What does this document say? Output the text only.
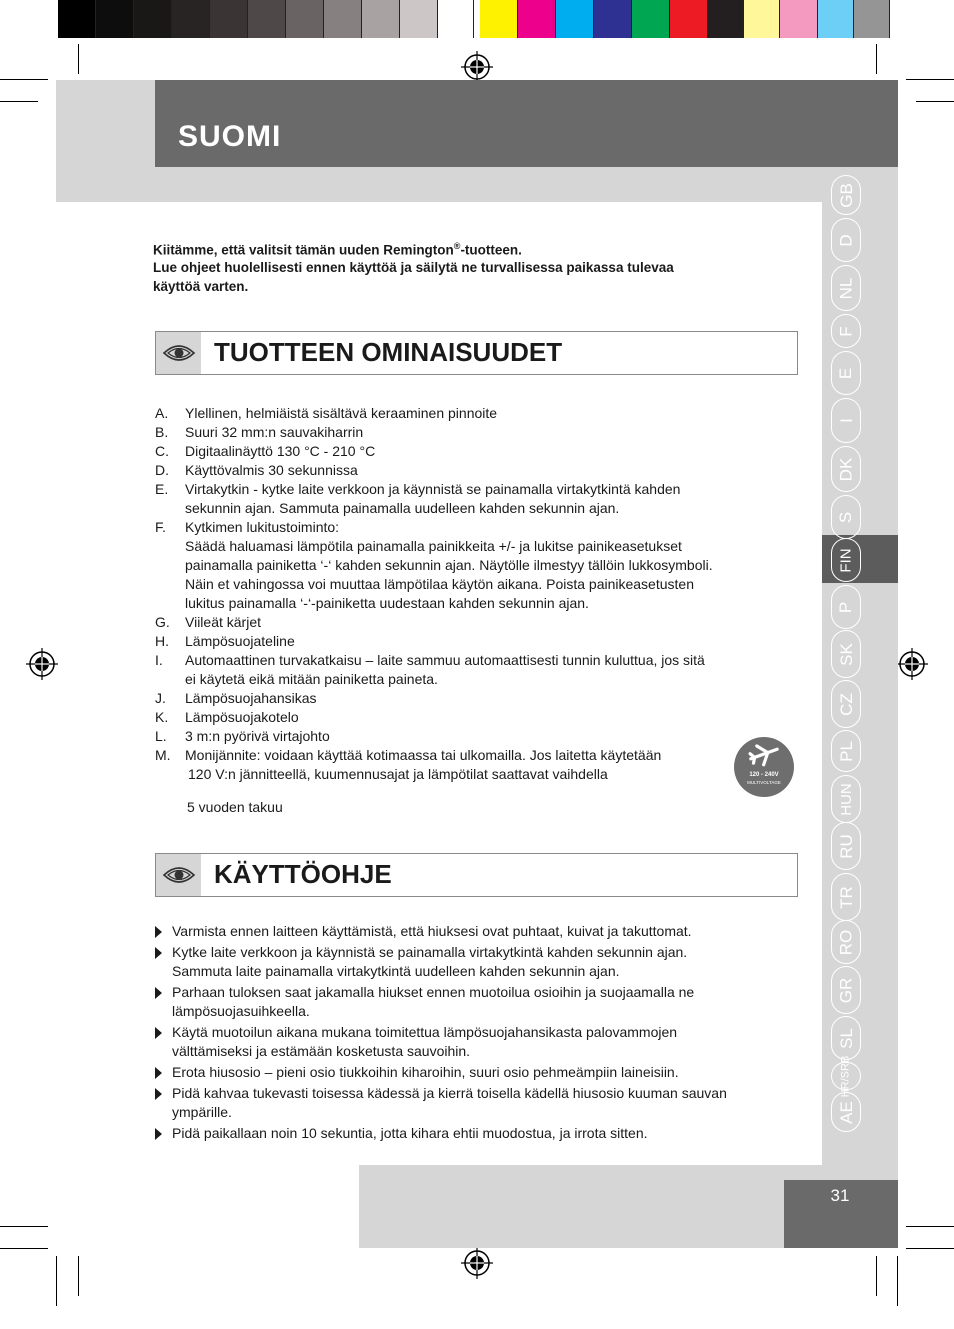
SUOMI
GB
D
NL
F
E
I
DK
S
FIN
P
SK
CZ
PL
HUN
RU
TR
RO
GR
SL
HR/SRB
AE
Kiitämme, että valitsit tämän uuden Remington®-tuotteen.
Lue ohjeet huolellisesti ennen käyttöä ja säilytä ne turvallisessa paikassa tulevaa
käyttöä varten.
TUOTTEEN OMINAISUUDET
A.	Ylellinen, helmiäistä sisältävä keraaminen pinnoite
B.	Suuri 32 mm:n sauvakiharrin
C.	Digitaalinäyttö 130 °C - 210 °C
D.	Käyttövalmis 30 sekunnissa
E.	Virtakytkin - kytke laite verkkoon ja käynnistä se painamalla virtakytkintä kahden
sekunnin ajan. Sammuta painamalla uudelleen kahden sekunnin ajan.
F.	Kytkimen lukitustoiminto:
Säädä haluamasi lämpötila painamalla painikkeita +/- ja lukitse painikeasetukset
painamalla painiketta ‘-‘ kahden sekunnin ajan. Näytölle ilmestyy tällöin lukkosymboli.
Näin et vahingossa voi muuttaa lämpötilaa käytön aikana. Poista painikeasetusten
lukitus painamalla ‘-‘-painiketta uudestaan kahden sekunnin ajan.
G.	Viileät kärjet
H.	Lämpösuojateline
I.	Automaattinen turvakatkaisu – laite sammuu automaattisesti tunnin kuluttua, jos sitä
ei käytetä eikä mitään painiketta paineta.
J.	Lämpösuojahansikas
K.	Lämpösuojakotelo
L.	3 m:n pyörivä virtajohto
M.	Monijännite: voidaan käyttää kotimaassa tai ulkomailla. Jos laitetta käytetään
120 V:n jännitteellä, kuumennusajat ja lämpötilat saattavat vaihdella
5 vuoden takuu
120 - 240V
MULTIVOLTAGE
KÄYTTÖOHJE
Varmista ennen laitteen käyttämistä, että hiuksesi ovat puhtaat, kuivat ja takuttomat.
Kytke laite verkkoon ja käynnistä se painamalla virtakytkintä kahden sekunnin ajan.
Sammuta laite painamalla virtakytkintä uudelleen kahden sekunnin ajan.
Parhaan tuloksen saat jakamalla hiukset ennen muotoilua osioihin ja suojaamalla ne
lämpösuojasuihkeella.
Käytä muotoilun aikana mukana toimitettua lämpösuojahansikasta palovammojen
välttämiseksi ja estämään kosketusta sauvoihin.
Erota hiusosio – pieni osio tiukkoihin kiharoihin, suuri osio pehmeämpiin laineisiin.
Pidä kahvaa tukevasti toisessa kädessä ja kierrä toisella kädellä hiusosio kuuman sauvan
ympärille.
Pidä paikallaan noin 10 sekuntia, jotta kihara ehtii muodostua, ja irrota sitten.
31
